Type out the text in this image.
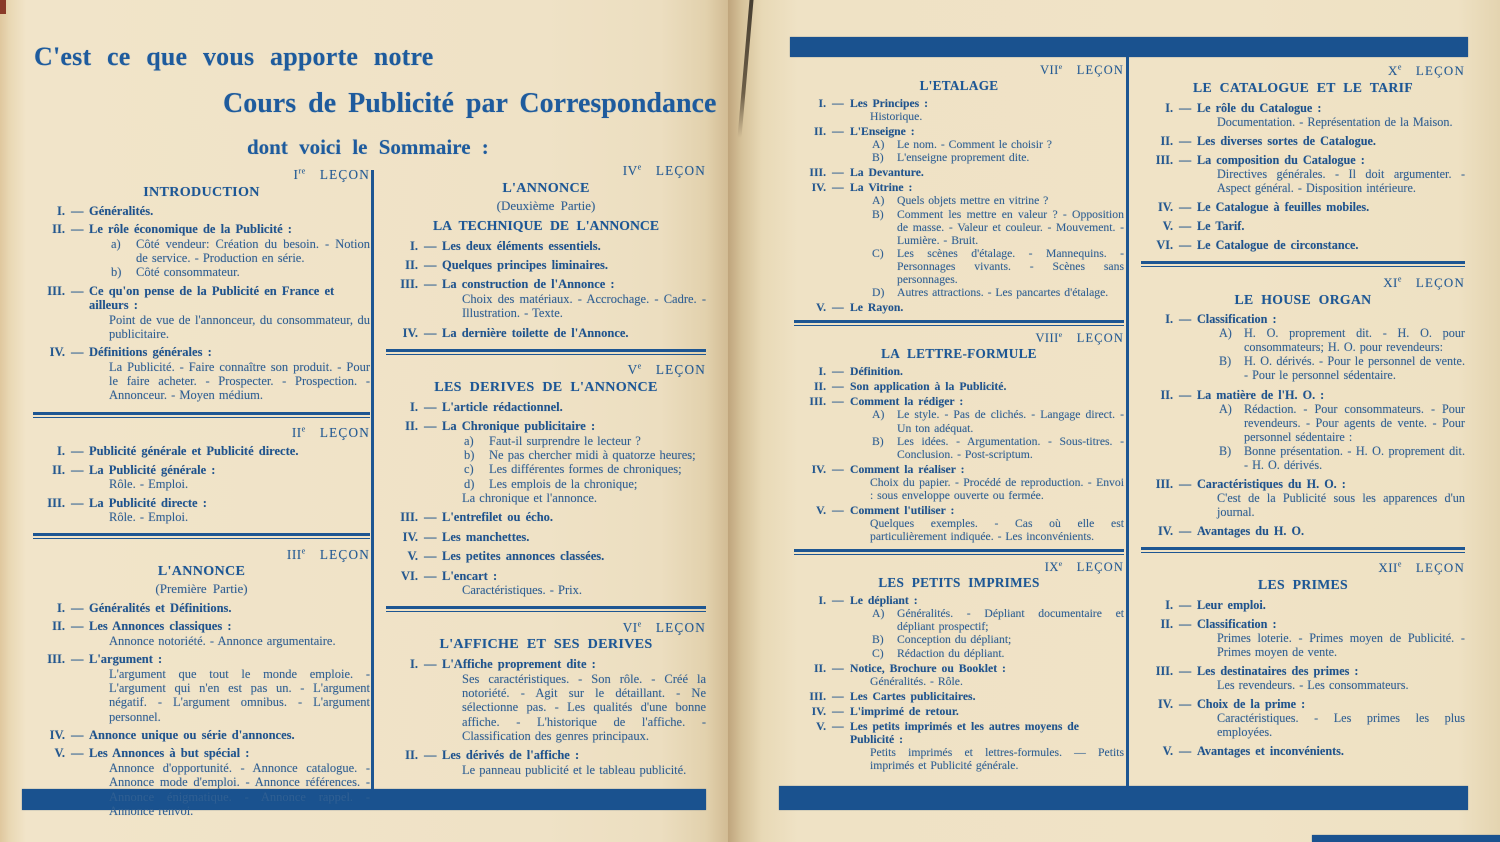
C'est ce que vous apporte notre
Cours de Publicité par Correspondance
dont voici le Sommaire :
Ire LEÇON
INTRODUCTION
I. — Généralités.
II. — Le rôle économique de la Publicité :
a) Côté vendeur: Création du besoin. - Notion de service. - Production en série.
b) Côté consommateur.
III. — Ce qu'on pense de la Publicité en France et ailleurs :
Point de vue de l'annonceur, du consommateur, du publicitaire.
IV. — Définitions générales :
La Publicité. - Faire connaître son produit. - Pour le faire acheter. - Prospecter. - Prospection. - Annonceur. - Moyen médium.
IIe LEÇON
I. — Publicité générale et Publicité directe.
II. — La Publicité générale :
Rôle. - Emploi.
III. — La Publicité directe :
Rôle. - Emploi.
IIIe LEÇON
L'ANNONCE
(Première Partie)
I. — Généralités et Définitions.
II. — Les Annonces classiques :
Annonce notoriété. - Annonce argumentaire.
III. — L'argument :
L'argument que tout le monde emploie. - L'argument qui n'en est pas un. - L'argument négatif. - L'argument omnibus. - L'argument personnel.
IV. — Annonce unique ou série d'annonces.
V. — Les Annonces à but spécial :
Annonce d'opportunité. - Annonce catalogue. - Annonce mode d'emploi. - Annonce références. - Annonce énigmatique. - Annonce rappel. - Annonce renvoi.
IVe LEÇON
L'ANNONCE
(Deuxième Partie)
LA TECHNIQUE DE L'ANNONCE
I. — Les deux éléments essentiels.
II. — Quelques principes liminaires.
III. — La construction de l'Annonce :
Choix des matériaux. - Accrochage. - Cadre. - Illustration. - Texte.
IV. — La dernière toilette de l'Annonce.
Ve LEÇON
LES DERIVES DE L'ANNONCE
I. — L'article rédactionnel.
II. — La Chronique publicitaire :
a) Faut-il surprendre le lecteur ?
b) Ne pas chercher midi à quatorze heures;
c) Les différentes formes de chroniques;
d) Les emplois de la chronique;
La chronique et l'annonce.
III. — L'entrefilet ou écho.
IV. — Les manchettes.
V. — Les petites annonces classées.
VI. — L'encart :
Caractéristiques. - Prix.
VIe LEÇON
L'AFFICHE ET SES DERIVES
I. — L'Affiche proprement dite :
Ses caractéristiques. - Son rôle. - Créé la notoriété. - Agit sur le détaillant. - Ne sélectionne pas. - Les qualités d'une bonne affiche. - L'historique de l'affiche. - Classification des genres principaux.
II. — Les dérivés de l'affiche :
Le panneau publicité et le tableau publicité.
VIIe LEÇON
L'ETALAGE
I. — Les Principes :
Historique.
II. — L'Enseigne :
A) Le nom. - Comment le choisir ?
B) L'enseigne proprement dite.
III. — La Devanture.
IV. — La Vitrine :
A) Quels objets mettre en vitrine ?
B) Comment les mettre en valeur ? - Opposition de masse. - Valeur et couleur. - Mouvement. - Lumière. - Bruit.
C) Les scènes d'étalage. - Mannequins. - Personnages vivants. - Scènes sans personnages.
D) Autres attractions. - Les pancartes d'étalage.
V. — Le Rayon.
VIIIe LEÇON
LA LETTRE-FORMULE
I. — Définition.
II. — Son application à la Publicité.
III. — Comment la rédiger :
A) Le style. - Pas de clichés. - Langage direct. - Un ton adéquat.
B) Les idées. - Argumentation. - Sous-titres. - Conclusion. - Post-scriptum.
IV. — Comment la réaliser :
Choix du papier. - Procédé de reproduction. - Envoi : sous enveloppe ouverte ou fermée.
V. — Comment l'utiliser :
Quelques exemples. - Cas où elle est particulièrement indiquée. - Les inconvénients.
IXe LEÇON
LES PETITS IMPRIMES
I. — Le dépliant :
A) Généralités. - Dépliant documentaire et dépliant prospectif;
B) Conception du dépliant;
C) Rédaction du dépliant.
II. — Notice, Brochure ou Booklet :
Généralités. - Rôle.
III. — Les Cartes publicitaires.
IV. — L'imprimé de retour.
V. — Les petits imprimés et les autres moyens de Publicité :
Petits imprimés et lettres-formules. — Petits imprimés et Publicité générale.
Xe LEÇON
LE CATALOGUE ET LE TARIF
I. — Le rôle du Catalogue :
Documentation. - Représentation de la Maison.
II. — Les diverses sortes de Catalogue.
III. — La composition du Catalogue :
Directives générales. - Il doit argumenter. - Aspect général. - Disposition intérieure.
IV. — Le Catalogue à feuilles mobiles.
V. — Le Tarif.
VI. — Le Catalogue de circonstance.
XIe LEÇON
LE HOUSE ORGAN
I. — Classification :
A) H. O. proprement dit. - H. O. pour consommateurs; H. O. pour revendeurs:
B) H. O. dérivés. - Pour le personnel de vente. - Pour le personnel sédentaire.
II. — La matière de l'H. O. :
A) Rédaction. - Pour consommateurs. - Pour revendeurs. - Pour agents de vente. - Pour personnel sédentaire :
B) Bonne présentation. - H. O. proprement dit. - H. O. dérivés.
III. — Caractéristiques du H. O. :
C'est de la Publicité sous les apparences d'un journal.
IV. — Avantages du H. O.
XIIe LEÇON
LES PRIMES
I. — Leur emploi.
II. — Classification :
Primes loterie. - Primes moyen de Publicité. - Primes moyen de vente.
III. — Les destinataires des primes :
Les revendeurs. - Les consommateurs.
IV. — Choix de la prime :
Caractéristiques. - Les primes les plus employées.
V. — Avantages et inconvénients.
